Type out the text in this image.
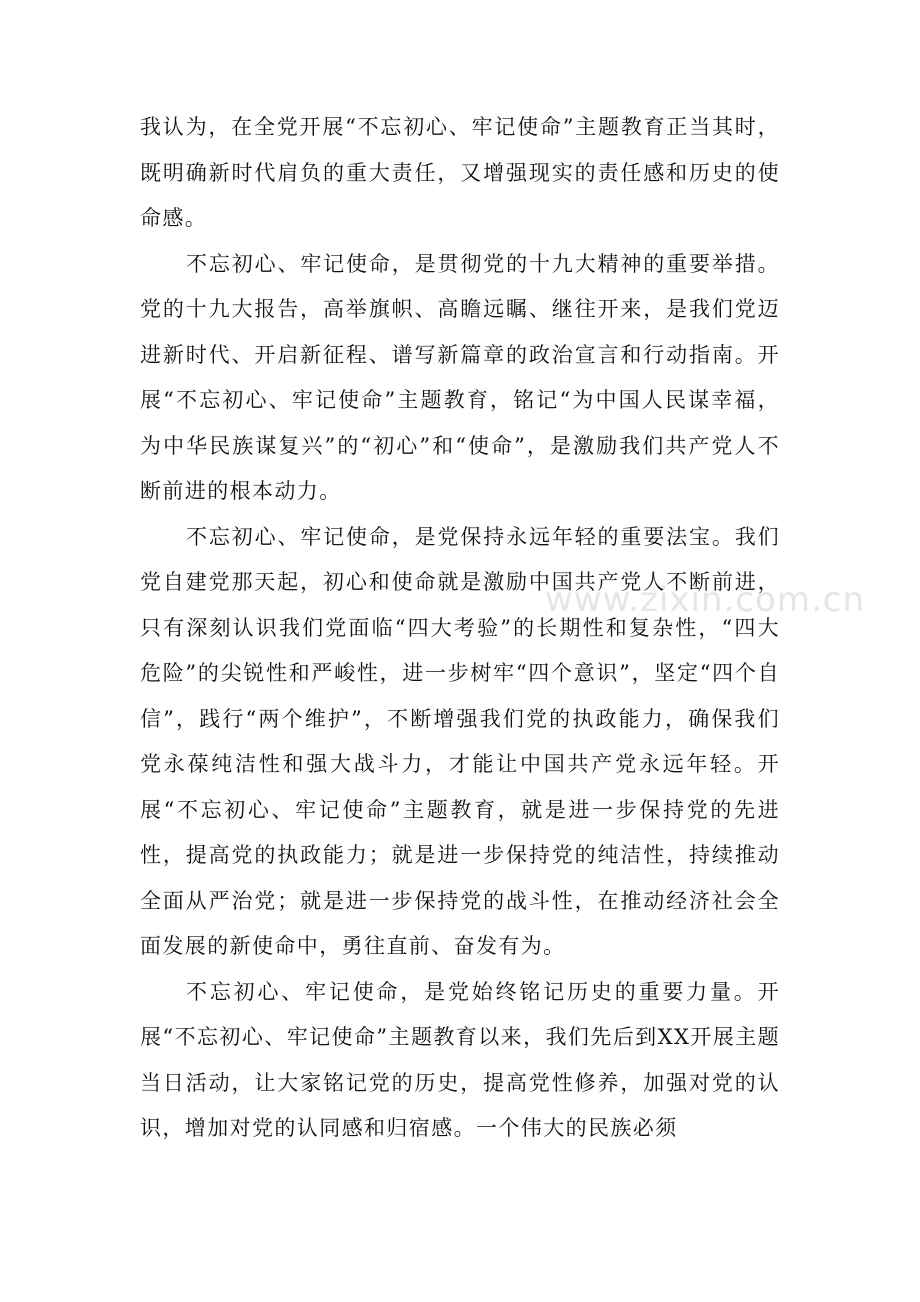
我认为，在全党开展“不忘初心、牢记使命”主题教育正当其时，既明确新时代肩负的重大责任，又增强现实的责任感和历史的使命感。

不忘初心、牢记使命，是贯彻党的十九大精神的重要举措。党的十九大报告，高举旗帜、高瞻远瞩、继往开来，是我们党迈进新时代、开启新征程、谱写新篇章的政治宣言和行动指南。开展“不忘初心、牢记使命”主题教育，铭记“为中国人民谋幸福，为中华民族谋复兴”的“初心”和“使命”，是激励我们共产党人不断前进的根本动力。

不忘初心、牢记使命，是党保持永远年轻的重要法宝。我们党自建党那天起，初心和使命就是激励中国共产党人不断前进，只有深刻认识我们党面临“四大考验”的长期性和复杂性，“四大危险”的尖锐性和严峻性，进一步树牢“四个意识”，坚定“四个自信”，践行“两个维护”，不断增强我们党的执政能力，确保我们党永葆纯洁性和强大战斗力，才能让中国共产党永远年轻。开展“不忘初心、牢记使命”主题教育，就是进一步保持党的先进性，提高党的执政能力；就是进一步保持党的纯洁性，持续推动全面从严治党；就是进一步保持党的战斗性，在推动经济社会全面发展的新使命中，勇往直前、奋发有为。

不忘初心、牢记使命，是党始终铭记历史的重要力量。开展“不忘初心、牢记使命”主题教育以来，我们先后到XX开展主题当日活动，让大家铭记党的历史，提高党性修养，加强对党的认识，增加对党的认同感和归宿感。一个伟大的民族必须

www.zixin.com.cn
